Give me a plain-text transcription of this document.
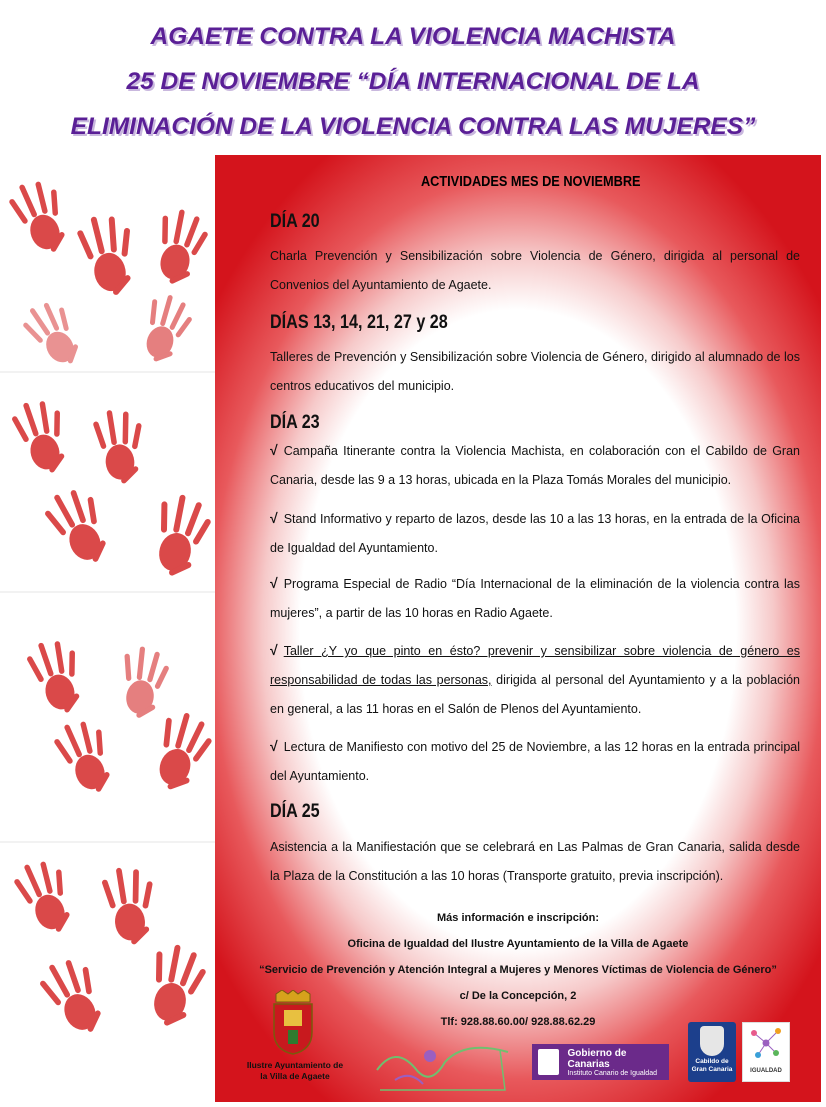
AGAETE CONTRA LA VIOLENCIA MACHISTA
25 DE NOVIEMBRE “DÍA INTERNACIONAL DE LA
ELIMINACIÓN DE LA VIOLENCIA CONTRA LAS MUJERES”
ACTIVIDADES MES DE NOVIEMBRE
DÍA 20
Charla Prevención y Sensibilización sobre Violencia de Género, dirigida al personal de Convenios del Ayuntamiento de Agaete.
DÍAS 13, 14, 21, 27 y 28
Talleres de Prevención y Sensibilización sobre Violencia de Género, dirigido al alumnado de los centros educativos del municipio.
DÍA 23
√ Campaña Itinerante contra la Violencia Machista, en colaboración con el Cabildo de Gran Canaria, desde las 9 a 13 horas, ubicada en la Plaza Tomás Morales del municipio.
√ Stand Informativo y reparto de lazos, desde las 10 a las 13 horas, en la entrada de la Oficina de Igualdad del Ayuntamiento.
√ Programa Especial de Radio “Día Internacional de la eliminación de la violencia contra las mujeres”, a partir de las 10 horas en Radio Agaete.
√ Taller ¿Y yo que pinto en ésto? prevenir y sensibilizar sobre violencia de género es responsabilidad de todas las personas, dirigida al personal del Ayuntamiento y a la población en general, a las 11 horas en el Salón de Plenos del Ayuntamiento.
√ Lectura de Manifiesto con motivo del 25 de Noviembre, a las 12 horas en la entrada principal del Ayuntamiento.
DÍA 25
Asistencia a la Manifiestación que se celebrará en Las Palmas de Gran Canaria, salida desde la Plaza de la Constitución a las 10 horas (Transporte gratuito, previa inscripción).
Más información e inscripción:
Oficina de Igualdad del Ilustre Ayuntamiento de la Villa de Agaete
“Servicio de Prevención y Atención Integral a Mujeres y Menores Víctimas de Violencia de Género”
c/ De la Concepción, 2
Tlf: 928.88.60.00/ 928.88.62.29
Ilustre Ayuntamiento de
la Villa de Agaete
Gobierno de Canarias
Instituto Canario de Igualdad
Cabildo de
Gran Canaria	IGUALDAD
